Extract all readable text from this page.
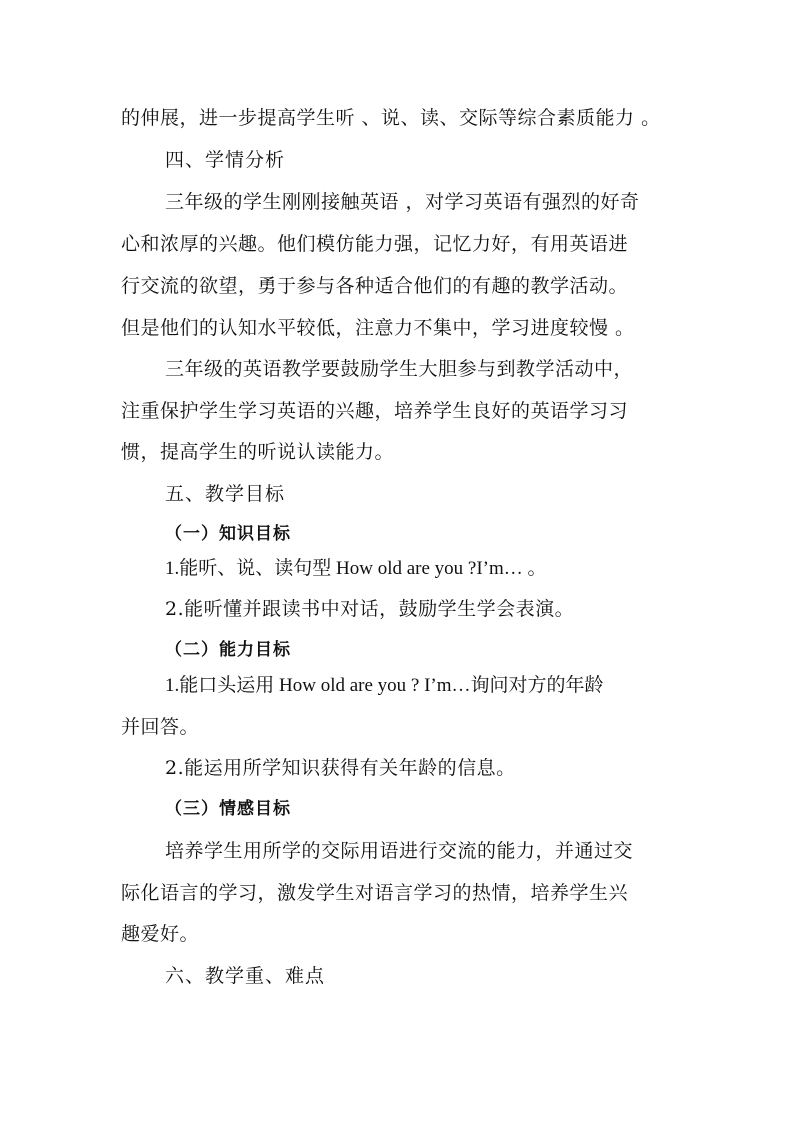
的伸展，进一步提高学生听 、说、读、交际等综合素质能力 。
四、学情分析
三年级的学生刚刚接触英语 ，对学习英语有强烈的好奇
心和浓厚的兴趣。他们模仿能力强，记忆力好，有用英语进
行交流的欲望，勇于参与各种适合他们的有趣的教学活动。
但是他们的认知水平较低，注意力不集中，学习进度较慢 。
三年级的英语教学要鼓励学生大胆参与到教学活动中，
注重保护学生学习英语的兴趣，培养学生良好的英语学习习
惯，提高学生的听说认读能力。
五、教学目标
（一）知识目标
1.能听、说、读句型 How old are you ?I’m… 。
2.能听懂并跟读书中对话，鼓励学生学会表演。
（二）能力目标
1.能口头运用 How old are you ? I’m…询问对方的年龄
并回答。
2.能运用所学知识获得有关年龄的信息。
（三）情感目标
培养学生用所学的交际用语进行交流的能力，并通过交
际化语言的学习，激发学生对语言学习的热情，培养学生兴
趣爱好。
六、教学重、难点
